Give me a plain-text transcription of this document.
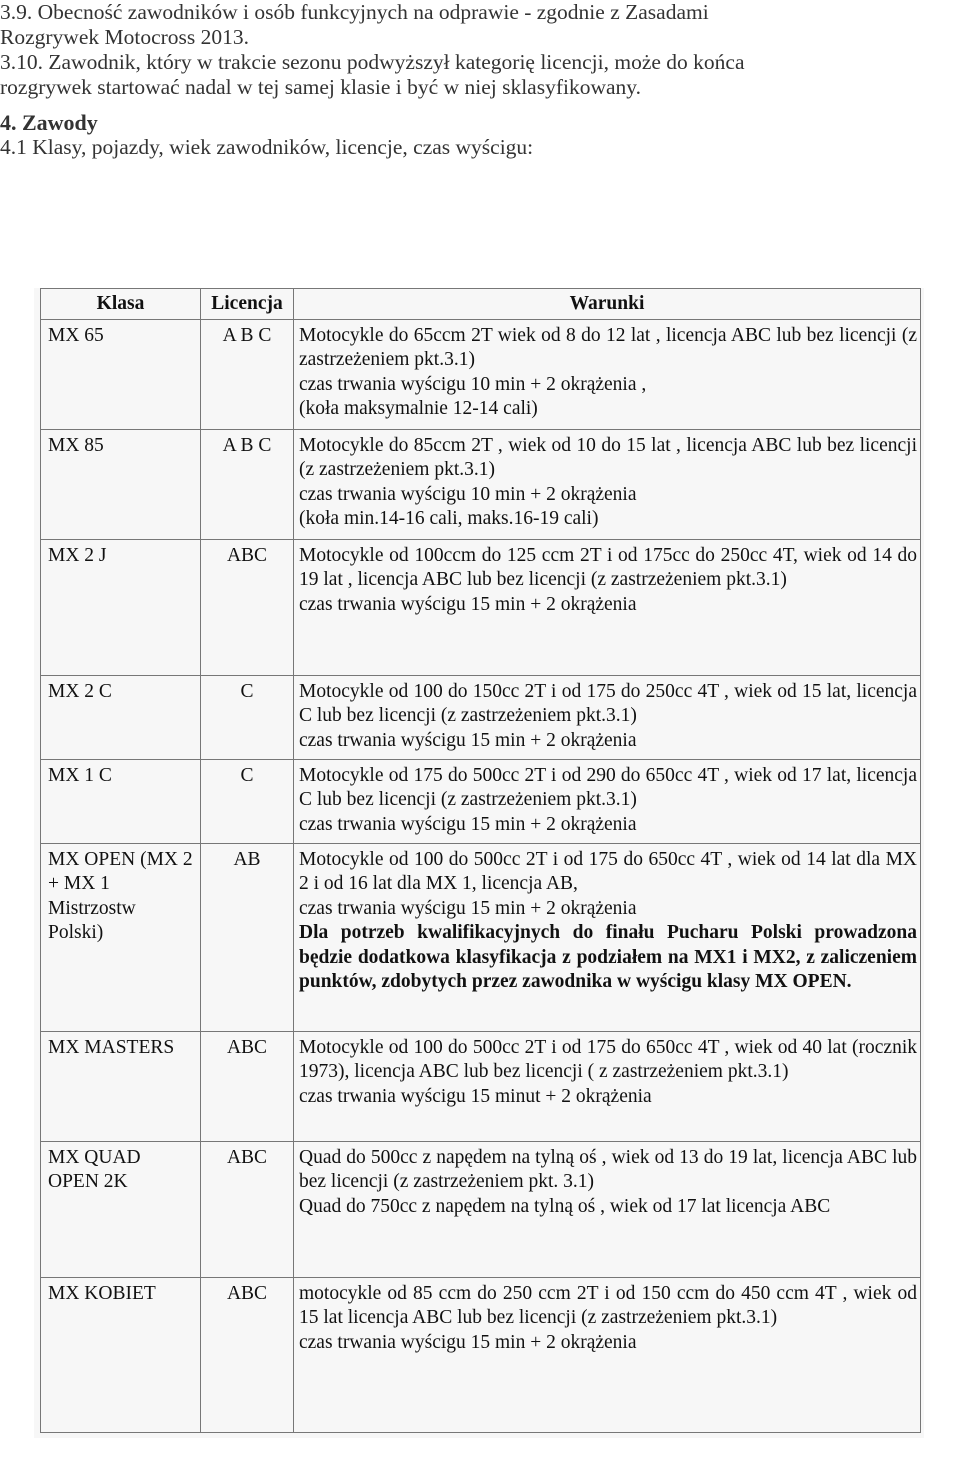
3.9. Obecność zawodników i osób funkcyjnych na odprawie - zgodnie z Zasadami

Rozgrywek Motocross 2013.

3.10. Zawodnik, który w trakcie sezonu podwyższył kategorię licencji, może do końca

rozgrywek startować nadal w tej samej klasie i być w niej sklasyfikowany.

4. Zawody

4.1 Klasy, pojazdy, wiek zawodników, licencje, czas wyścigu:

Klasa	Licencja	Warunki
MX 65	A B C	Motocykle do 65ccm 2T wiek od 8 do 12 lat , licencja ABC lub bez licencji (z zastrzeżeniem pkt.3.1)
czas trwania wyścigu 10 min + 2 okrążenia ,
(koła maksymalnie 12-14 cali)

MX 85	A B C	Motocykle do 85ccm 2T , wiek od 10 do 15 lat , licencja ABC lub bez licencji (z zastrzeżeniem pkt.3.1)
czas trwania wyścigu 10 min + 2 okrążenia
(koła min.14-16 cali, maks.16-19 cali)

MX 2 J	ABC	Motocykle od 100ccm do 125 ccm 2T i od 175cc do 250cc 4T, wiek od 14 do 19 lat , licencja ABC lub bez licencji (z zastrzeżeniem pkt.3.1)
czas trwania wyścigu 15 min + 2 okrążenia

MX 2 C	C	Motocykle od 100 do 150cc 2T i od 175 do 250cc 4T , wiek od 15 lat, licencja C lub bez licencji (z zastrzeżeniem pkt.3.1)
czas trwania wyścigu 15 min + 2 okrążenia

MX 1 C	C	Motocykle od 175 do 500cc 2T i od 290 do 650cc 4T , wiek od 17 lat, licencja C lub bez licencji (z zastrzeżeniem pkt.3.1)
czas trwania wyścigu 15 min + 2 okrążenia

MX OPEN (MX 2 + MX 1 Mistrzostw Polski)	AB	Motocykle od 100 do 500cc 2T i od 175 do 650cc 4T , wiek od 14 lat dla MX 2 i od 16 lat dla MX 1, licencja AB,
czas trwania wyścigu 15 min + 2 okrążenia
Dla potrzeb kwalifikacyjnych do finału Pucharu Polski prowadzona będzie dodatkowa klasyfikacja z podziałem na MX1 i MX2, z zaliczeniem punktów, zdobytych przez zawodnika w wyścigu klasy MX OPEN.

MX MASTERS	ABC	Motocykle od 100 do 500cc 2T i od 175 do 650cc 4T , wiek od 40 lat (rocznik 1973), licencja ABC lub bez licencji ( z zastrzeżeniem pkt.3.1)
czas trwania wyścigu 15 minut + 2 okrążenia

MX QUAD OPEN 2K	ABC	Quad do 500cc z napędem na tylną oś , wiek od 13 do 19 lat, licencja ABC lub bez licencji (z zastrzeżeniem pkt. 3.1)
Quad do 750cc z napędem na tylną oś , wiek od 17 lat licencja ABC

MX KOBIET	ABC	motocykle od 85 ccm do 250 ccm 2T i od 150 ccm do 450 ccm 4T , wiek od 15 lat licencja ABC lub bez licencji (z zastrzeżeniem pkt.3.1)
czas trwania wyścigu 15 min + 2 okrążenia
